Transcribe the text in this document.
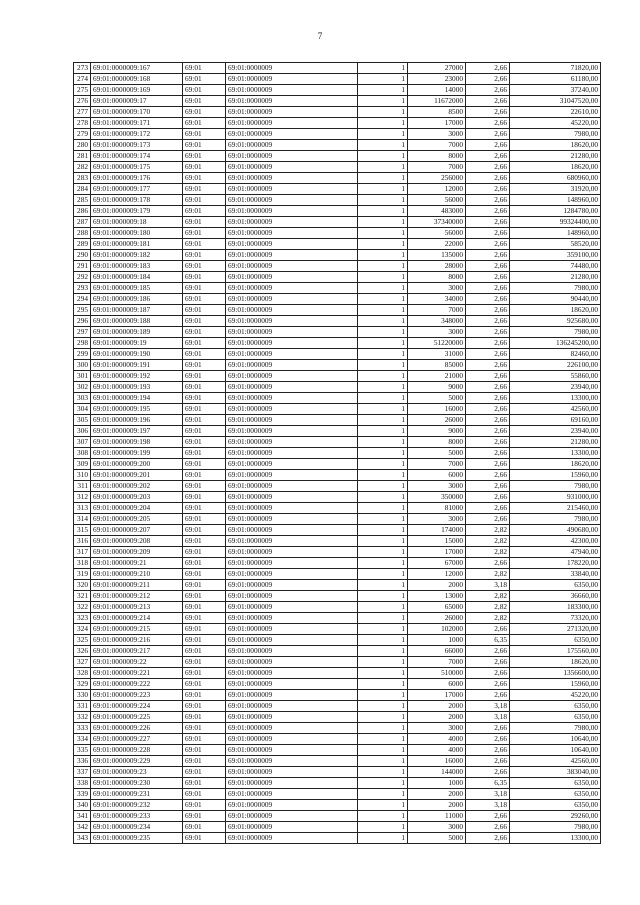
7
273	69:01:0000009:167	69:01	69:01:0000009	1	27000	2,66	71820,00
274	69:01:0000009:168	69:01	69:01:0000009	1	23000	2,66	61180,00
275	69:01:0000009:169	69:01	69:01:0000009	1	14000	2,66	37240,00
276	69:01:0000009:17	69:01	69:01:0000009	1	11672000	2,66	31047520,00
277	69:01:0000009:170	69:01	69:01:0000009	1	8500	2,66	22610,00
278	69:01:0000009:171	69:01	69:01:0000009	1	17000	2,66	45220,00
279	69:01:0000009:172	69:01	69:01:0000009	1	3000	2,66	7980,00
280	69:01:0000009:173	69:01	69:01:0000009	1	7000	2,66	18620,00
281	69:01:0000009:174	69:01	69:01:0000009	1	8000	2,66	21280,00
282	69:01:0000009:175	69:01	69:01:0000009	1	7000	2,66	18620,00
283	69:01:0000009:176	69:01	69:01:0000009	1	256000	2,66	680960,00
284	69:01:0000009:177	69:01	69:01:0000009	1	12000	2,66	31920,00
285	69:01:0000009:178	69:01	69:01:0000009	1	56000	2,66	148960,00
286	69:01:0000009:179	69:01	69:01:0000009	1	483000	2,66	1284780,00
287	69:01:0000009:18	69:01	69:01:0000009	1	37340000	2,66	99324400,00
288	69:01:0000009:180	69:01	69:01:0000009	1	56000	2,66	148960,00
289	69:01:0000009:181	69:01	69:01:0000009	1	22000	2,66	58520,00
290	69:01:0000009:182	69:01	69:01:0000009	1	135000	2,66	359100,00
291	69:01:0000009:183	69:01	69:01:0000009	1	28000	2,66	74480,00
292	69:01:0000009:184	69:01	69:01:0000009	1	8000	2,66	21280,00
293	69:01:0000009:185	69:01	69:01:0000009	1	3000	2,66	7980,00
294	69:01:0000009:186	69:01	69:01:0000009	1	34000	2,66	90440,00
295	69:01:0000009:187	69:01	69:01:0000009	1	7000	2,66	18620,00
296	69:01:0000009:188	69:01	69:01:0000009	1	348000	2,66	925680,00
297	69:01:0000009:189	69:01	69:01:0000009	1	3000	2,66	7980,00
298	69:01:0000009:19	69:01	69:01:0000009	1	51220000	2,66	136245200,00
299	69:01:0000009:190	69:01	69:01:0000009	1	31000	2,66	82460,00
300	69:01:0000009:191	69:01	69:01:0000009	1	85000	2,66	226100,00
301	69:01:0000009:192	69:01	69:01:0000009	1	21000	2,66	55860,00
302	69:01:0000009:193	69:01	69:01:0000009	1	9000	2,66	23940,00
303	69:01:0000009:194	69:01	69:01:0000009	1	5000	2,66	13300,00
304	69:01:0000009:195	69:01	69:01:0000009	1	16000	2,66	42560,00
305	69:01:0000009:196	69:01	69:01:0000009	1	26000	2,66	69160,00
306	69:01:0000009:197	69:01	69:01:0000009	1	9000	2,66	23940,00
307	69:01:0000009:198	69:01	69:01:0000009	1	8000	2,66	21280,00
308	69:01:0000009:199	69:01	69:01:0000009	1	5000	2,66	13300,00
309	69:01:0000009:200	69:01	69:01:0000009	1	7000	2,66	18620,00
310	69:01:0000009:201	69:01	69:01:0000009	1	6000	2,66	15960,00
311	69:01:0000009:202	69:01	69:01:0000009	1	3000	2,66	7980,00
312	69:01:0000009:203	69:01	69:01:0000009	1	350000	2,66	931000,00
313	69:01:0000009:204	69:01	69:01:0000009	1	81000	2,66	215460,00
314	69:01:0000009:205	69:01	69:01:0000009	1	3000	2,66	7980,00
315	69:01:0000009:207	69:01	69:01:0000009	1	174000	2,82	490680,00
316	69:01:0000009:208	69:01	69:01:0000009	1	15000	2,82	42300,00
317	69:01:0000009:209	69:01	69:01:0000009	1	17000	2,82	47940,00
318	69:01:0000009:21	69:01	69:01:0000009	1	67000	2,66	178220,00
319	69:01:0000009:210	69:01	69:01:0000009	1	12000	2,82	33840,00
320	69:01:0000009:211	69:01	69:01:0000009	1	2000	3,18	6350,00
321	69:01:0000009:212	69:01	69:01:0000009	1	13000	2,82	36660,00
322	69:01:0000009:213	69:01	69:01:0000009	1	65000	2,82	183300,00
323	69:01:0000009:214	69:01	69:01:0000009	1	26000	2,82	73320,00
324	69:01:0000009:215	69:01	69:01:0000009	1	102000	2,66	271320,00
325	69:01:0000009:216	69:01	69:01:0000009	1	1000	6,35	6350,00
326	69:01:0000009:217	69:01	69:01:0000009	1	66000	2,66	175560,00
327	69:01:0000009:22	69:01	69:01:0000009	1	7000	2,66	18620,00
328	69:01:0000009:221	69:01	69:01:0000009	1	510000	2,66	1356600,00
329	69:01:0000009:222	69:01	69:01:0000009	1	6000	2,66	15960,00
330	69:01:0000009:223	69:01	69:01:0000009	1	17000	2,66	45220,00
331	69:01:0000009:224	69:01	69:01:0000009	1	2000	3,18	6350,00
332	69:01:0000009:225	69:01	69:01:0000009	1	2000	3,18	6350,00
333	69:01:0000009:226	69:01	69:01:0000009	1	3000	2,66	7980,00
334	69:01:0000009:227	69:01	69:01:0000009	1	4000	2,66	10640,00
335	69:01:0000009:228	69:01	69:01:0000009	1	4000	2,66	10640,00
336	69:01:0000009:229	69:01	69:01:0000009	1	16000	2,66	42560,00
337	69:01:0000009:23	69:01	69:01:0000009	1	144000	2,66	383040,00
338	69:01:0000009:230	69:01	69:01:0000009	1	1000	6,35	6350,00
339	69:01:0000009:231	69:01	69:01:0000009	1	2000	3,18	6350,00
340	69:01:0000009:232	69:01	69:01:0000009	1	2000	3,18	6350,00
341	69:01:0000009:233	69:01	69:01:0000009	1	11000	2,66	29260,00
342	69:01:0000009:234	69:01	69:01:0000009	1	3000	2,66	7980,00
343	69:01:0000009:235	69:01	69:01:0000009	1	5000	2,66	13300,00
